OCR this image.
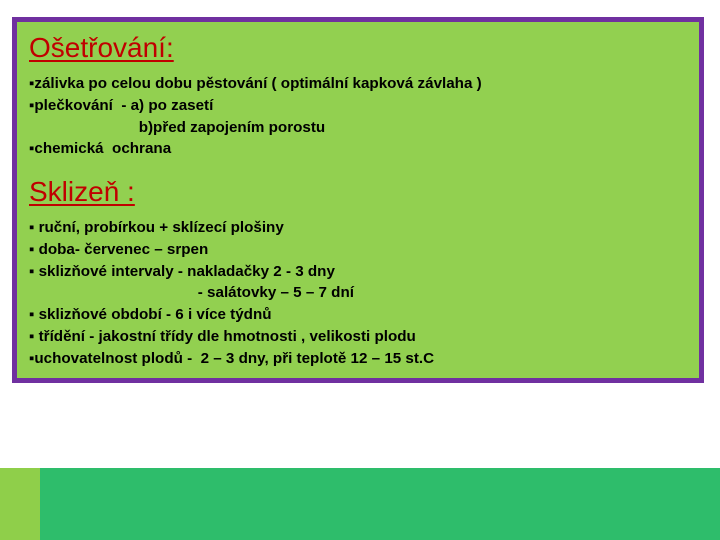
Ošetřování:
▪zálivka po celou dobu pěstování ( optimální kapková závlaha )
▪plečkování  - a) po zasetí
b)před zapojením porostu
▪chemická  ochrana
Sklizeň :
▪ ruční, probírkou + sklízecí plošiny
▪ doba- červenec – srpen
▪ sklizňové intervaly - nakladačky 2 - 3 dny
- salátovky – 5 – 7 dní
▪ sklizňové období - 6 i více týdnů
▪ třídění - jakostní třídy dle hmotnosti , velikosti plodu
▪uchovatelnost plodů -  2 – 3 dny, při teplotě 12 – 15 st.C
